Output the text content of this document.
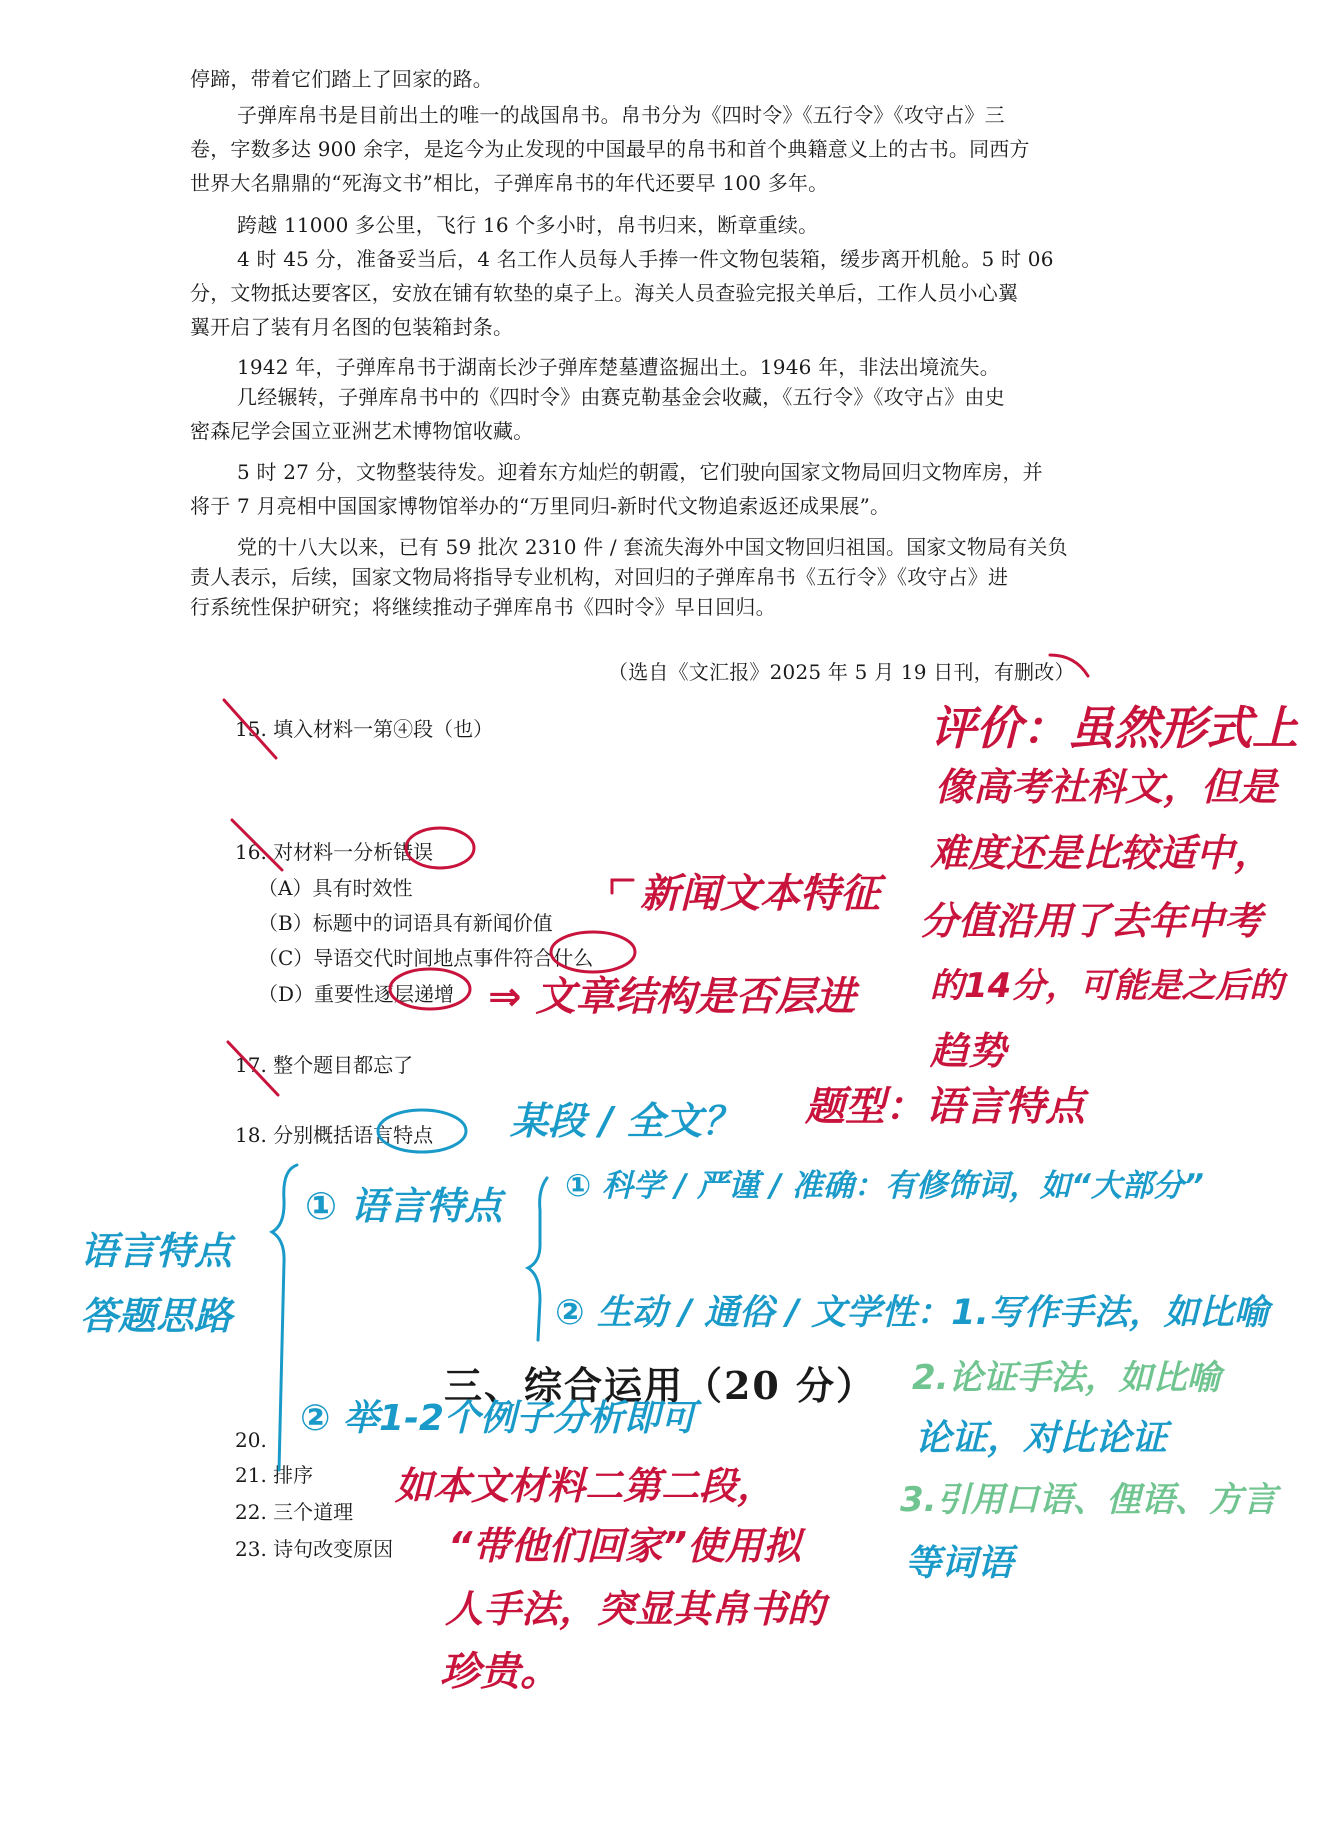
停蹄，带着它们踏上了回家的路。
子弹库帛书是目前出土的唯一的战国帛书。帛书分为《四时令》《五行令》《攻守占》三
卷，字数多达 900 余字，是迄今为止发现的中国最早的帛书和首个典籍意义上的古书。同西方
世界大名鼎鼎的“死海文书”相比，子弹库帛书的年代还要早 100 多年。
跨越 11000 多公里，飞行 16 个多小时，帛书归来，断章重续。
4 时 45 分，准备妥当后，4 名工作人员每人手捧一件文物包装箱，缓步离开机舱。5 时 06
分，文物抵达要客区，安放在铺有软垫的桌子上。海关人员查验完报关单后，工作人员小心翼
翼开启了装有月名图的包装箱封条。
1942 年，子弹库帛书于湖南长沙子弹库楚墓遭盗掘出土。1946 年，非法出境流失。
几经辗转，子弹库帛书中的《四时令》由赛克勒基金会收藏，《五行令》《攻守占》由史
密森尼学会国立亚洲艺术博物馆收藏。
5 时 27 分，文物整装待发。迎着东方灿烂的朝霞，它们驶向国家文物局回归文物库房，并
将于 7 月亮相中国国家博物馆举办的“万里同归-新时代文物追索返还成果展”。
党的十八大以来，已有 59 批次 2310 件 / 套流失海外中国文物回归祖国。国家文物局有关负
责人表示，后续，国家文物局将指导专业机构，对回归的子弹库帛书《五行令》《攻守占》进
行系统性保护研究；将继续推动子弹库帛书《四时令》早日回归。
（选自《文汇报》2025 年 5 月 19 日刊，有删改）
15. 填入材料一第④段（也）
16. 对材料一分析错误
（A）具有时效性
（B）标题中的词语具有新闻价值
（C）导语交代时间地点事件符合什么
（D）重要性逐层递增
17. 整个题目都忘了
18. 分别概括语言特点
三、综合运用（20 分）
20.
21. 排序
22. 三个道理
23. 诗句改变原因
评价：虽然形式上
像高考社科文，但是
难度还是比较适中，
分值沿用了去年中考
的14分，可能是之后的
趋势
新闻文本特征
⇒ 文章结构是否层进
题型：语言特点
某段 / 全文？
语言特点
答题思路
① 语言特点 ① 科学 / 严谨 / 准确：有修饰词，如“大部分”
② 生动 / 通俗 / 文学性：1.写作手法，如比喻
② 举1-2个例子分析即可
2.论证手法，如比喻
论证，对比论证
3.引用口语、俚语、方言
等词语
如本文材料二第二段，
“带他们回家”使用拟
人手法，突显其帛书的
珍贵。
